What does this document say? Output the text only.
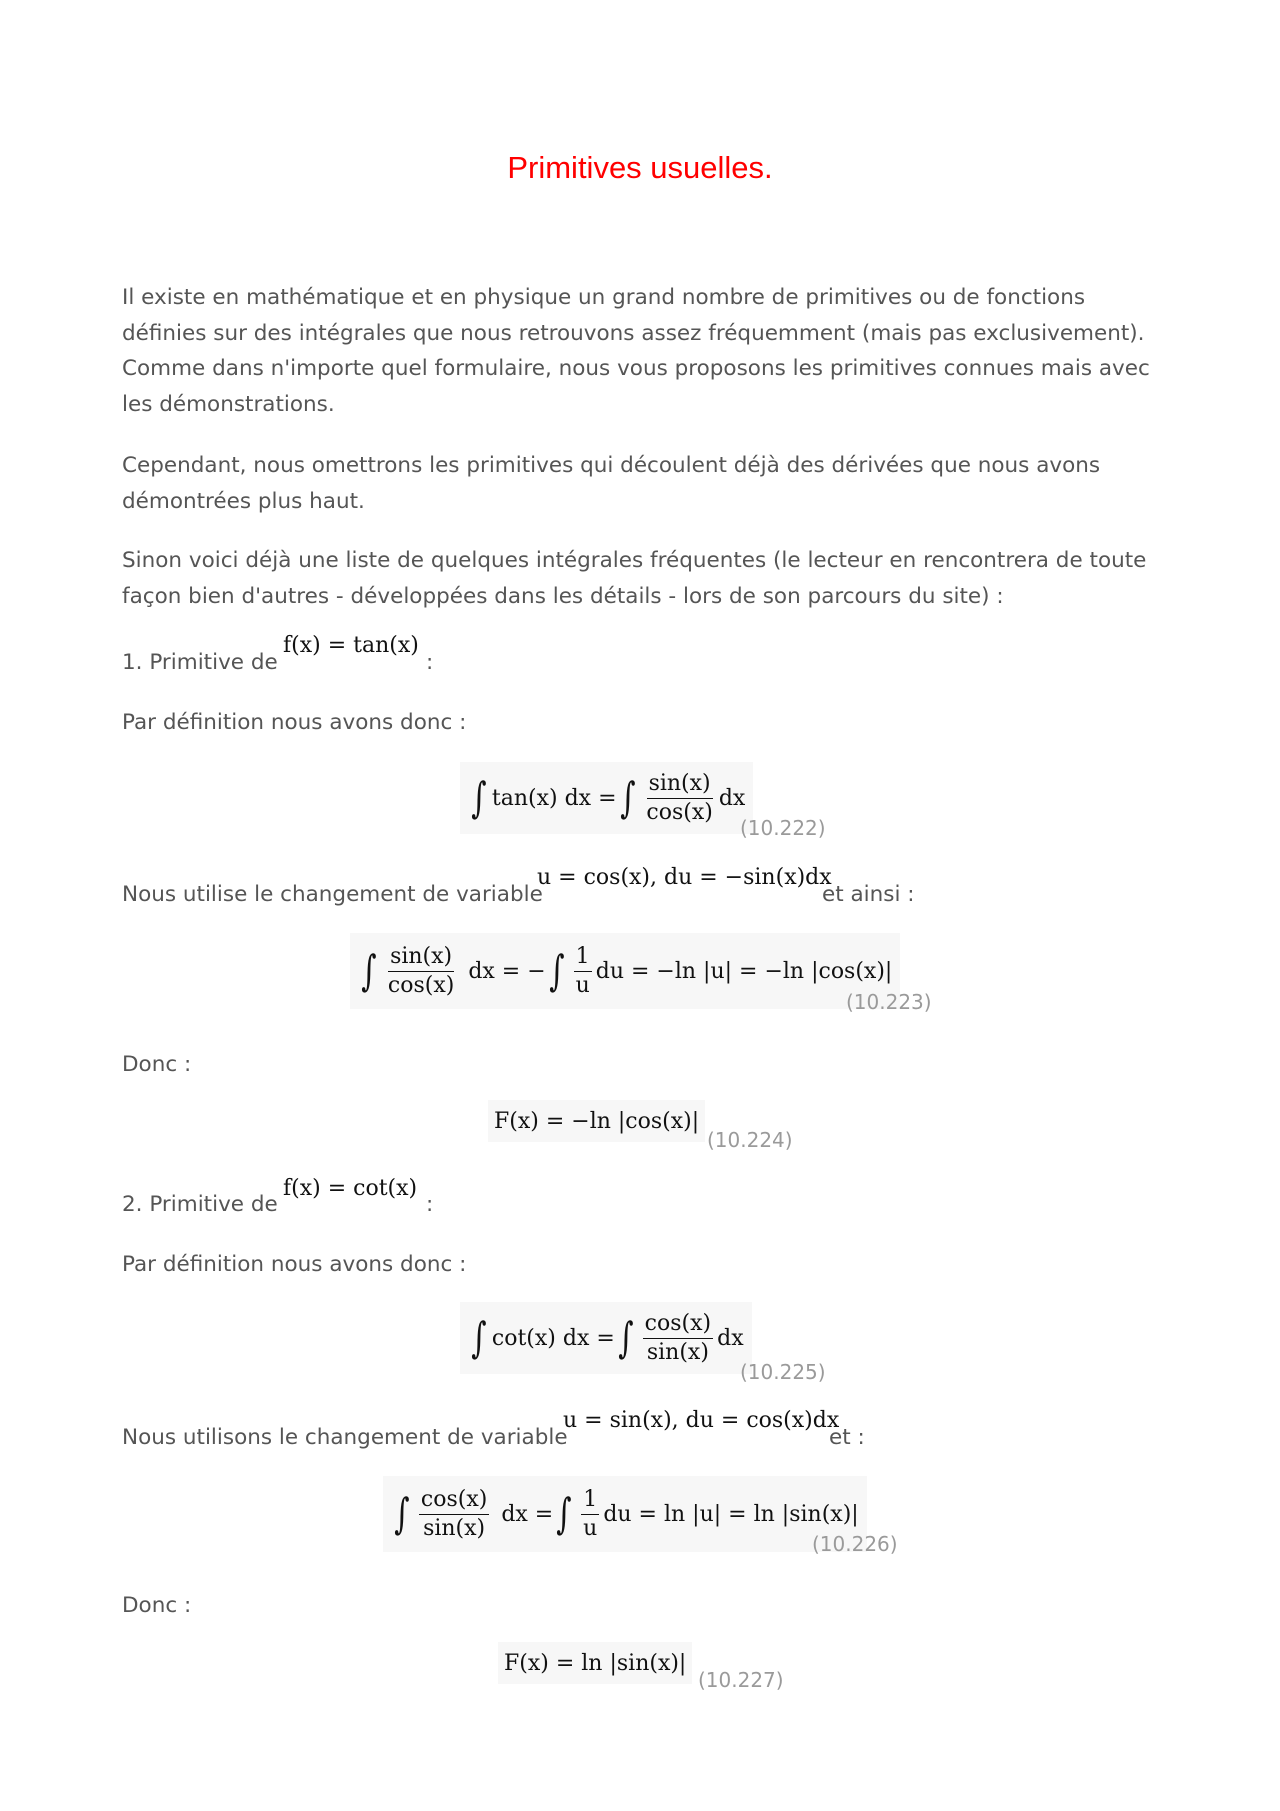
Primitives usuelles.

Il existe en mathématique et en physique un grand nombre de primitives ou de fonctions définies sur des intégrales que nous retrouvons assez fréquemment (mais pas exclusivement). Comme dans n'importe quel formulaire, nous vous proposons les primitives connues mais avec les démonstrations.

Cependant, nous omettrons les primitives qui découlent déjà des dérivées que nous avons démontrées plus haut.

Sinon voici déjà une liste de quelques intégrales fréquentes (le lecteur en rencontrera de toute façon bien d'autres - développées dans les détails - lors de son parcours du site) :

1. Primitive de
f(x) = tan(x)
:
Par définition nous avons donc :
∫ tan(x) dx = ∫ $\frac{\sin(x)}{\cos(x)}$ dx
(10.222)
Nous utilise le changement de variable
u = cos(x), du = −sin(x)dx
et ainsi :
∫ $\frac{\sin(x)}{\cos(x)}$ dx = − ∫ $\frac{1}{u}$ du = −ln |u| = −ln |cos(x)|
(10.223)
Donc :
F(x) = −ln |cos(x)|
(10.224)
2. Primitive de
f(x) = cot(x)
:
Par définition nous avons donc :
∫ cot(x) dx = ∫ $\frac{\cos(x)}{\sin(x)}$ dx
(10.225)
Nous utilisons le changement de variable
u = sin(x), du = cos(x)dx
et :
∫ $\frac{\cos(x)}{\sin(x)}$ dx = ∫ $\frac{1}{u}$ du = ln |u| = ln |sin(x)|
(10.226)
Donc :
F(x) = ln |sin(x)|
(10.227)
